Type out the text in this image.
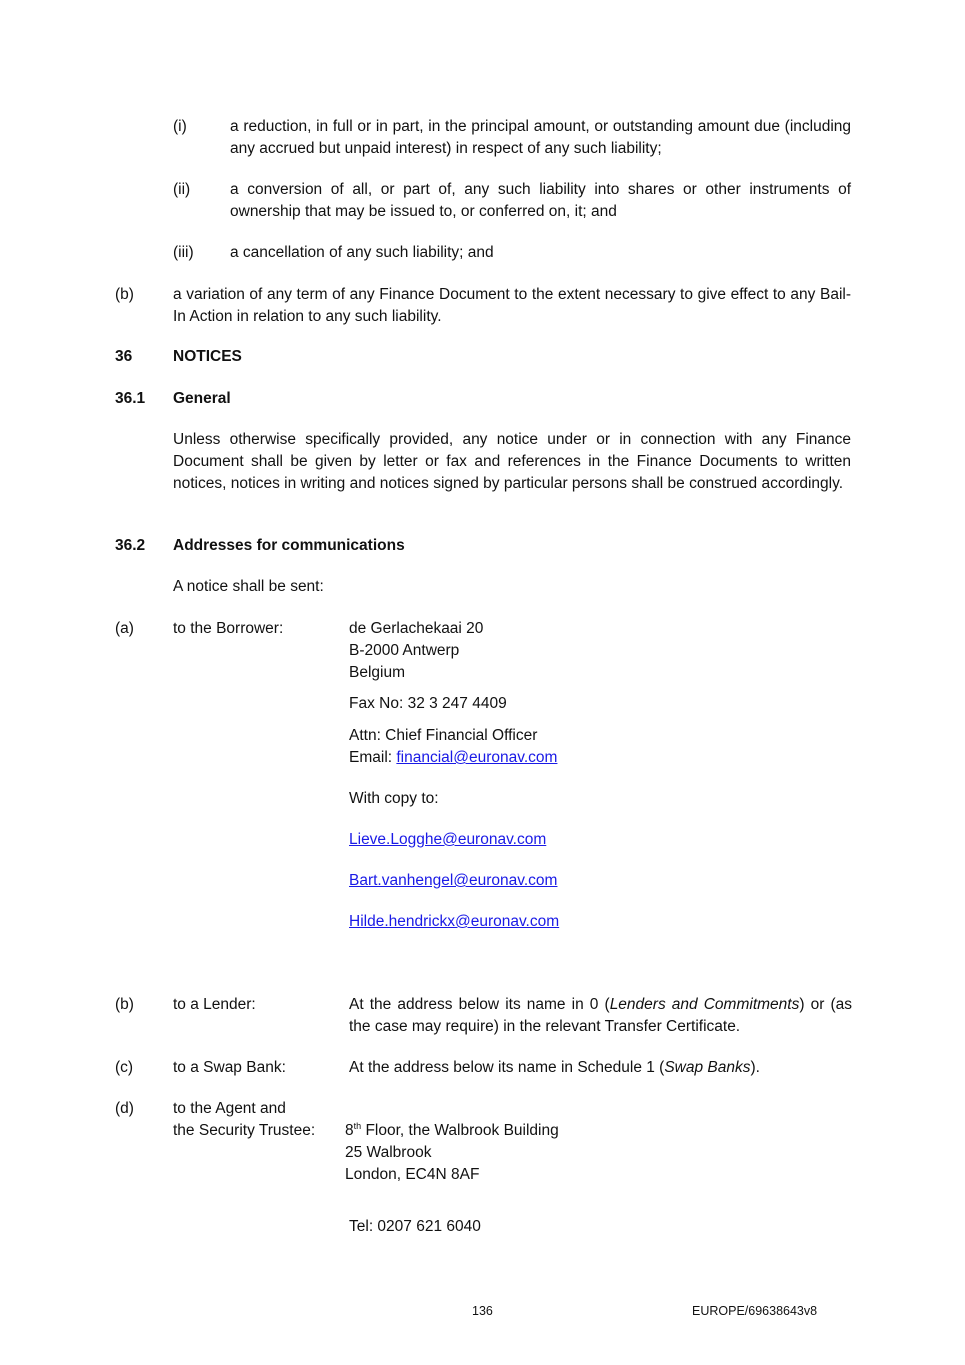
(i)	a reduction, in full or in part, in the principal amount, or outstanding amount due (including any accrued but unpaid interest) in respect of any such liability;
(ii)	a conversion of all, or part of, any such liability into shares or other instruments of ownership that may be issued to, or conferred on, it; and
(iii) a cancellation of any such liability; and
(b)	a variation of any term of any Finance Document to the extent necessary to give effect to any Bail-In Action in relation to any such liability.
36	NOTICES
36.1 General
Unless otherwise specifically provided, any notice under or in connection with any Finance Document shall be given by letter or fax and references in the Finance Documents to written notices, notices in writing and notices signed by particular persons shall be construed accordingly.
36.2 Addresses for communications
A notice shall be sent:
(a)	to the Borrower:	de Gerlachekaai 20
B-2000 Antwerp
Belgium
Fax No: 32 3 247 4409
Attn: Chief Financial Officer
Email: financial@euronav.com
With copy to:
Lieve.Logghe@euronav.com
Bart.vanhengel@euronav.com
Hilde.hendrickx@euronav.com
(b)	to a Lender:	At the address below its name in 0 (Lenders and Commitments) or (as the case may require) in the relevant Transfer Certificate.
(c)	to a Swap Bank:	At the address below its name in Schedule 1 (Swap Banks).
(d)	to the Agent and
the Security Trustee: 8th Floor, the Walbrook Building
25 Walbrook
London, EC4N 8AF
Tel: 0207 621 6040
136	EUROPE/69638643v8
